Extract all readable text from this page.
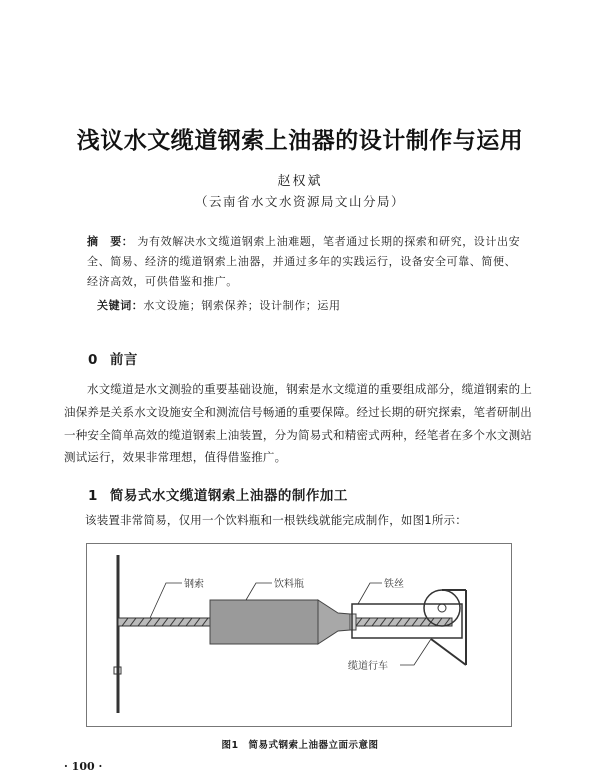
浅议水文缆道钢索上油器的设计制作与运用
赵权斌
（云南省水文水资源局文山分局）
摘　要： 为有效解决水文缆道钢索上油难题，笔者通过长期的探索和研究，设计出安全、简易、经济的缆道钢索上油器，并通过多年的实践运行，设备安全可靠、简便、经济高效，可供借鉴和推广。
关键词：水文设施；钢索保养；设计制作；运用
0 前言
水文缆道是水文测验的重要基础设施，钢索是水文缆道的重要组成部分，缆道钢索的上油保养是关系水文设施安全和测流信号畅通的重要保障。经过长期的研究探索，笔者研制出一种安全简单高效的缆道钢索上油装置，分为简易式和精密式两种，经笔者在多个水文测站测试运行，效果非常理想，值得借鉴推广。
1 简易式水文缆道钢索上油器的制作加工
该装置非常简易，仅用一个饮料瓶和一根铁线就能完成制作，如图1所示：
钢索	饮料瓶	铁丝
缆道行车
图1　简易式钢索上油器立面示意图
· 100 ·
